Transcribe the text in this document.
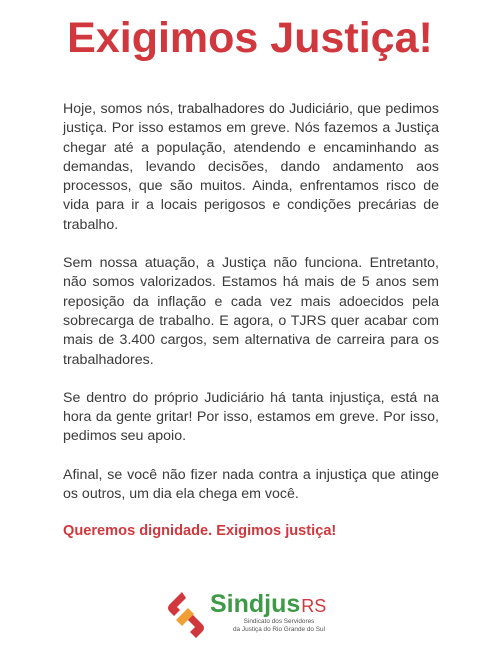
Exigimos Justiça!

Hoje, somos nós, trabalhadores do Judiciário, que pedimos justiça. Por isso estamos em greve. Nós fazemos a Justiça chegar até a população, atendendo e encaminhando as demandas, levando decisões, dando andamento aos processos, que são muitos. Ainda, enfrentamos risco de vida para ir a locais perigosos e condições precárias de trabalho.

Sem nossa atuação, a Justiça não funciona. Entretanto, não somos valorizados. Estamos há mais de 5 anos sem reposição da inflação e cada vez mais adoecidos pela sobrecarga de trabalho. E agora, o TJRS quer acabar com mais de 3.400 cargos, sem alternativa de carreira para os trabalhadores.

Se dentro do próprio Judiciário há tanta injustiça, está na hora da gente gritar! Por isso, estamos em greve. Por isso, pedimos seu apoio.

Afinal, se você não fizer nada contra a injustiça que atinge os outros, um dia ela chega em você.

Queremos dignidade. Exigimos justiça!

SindjusRS
Sindicato dos Servidores
da Justiça do Rio Grande do Sul
